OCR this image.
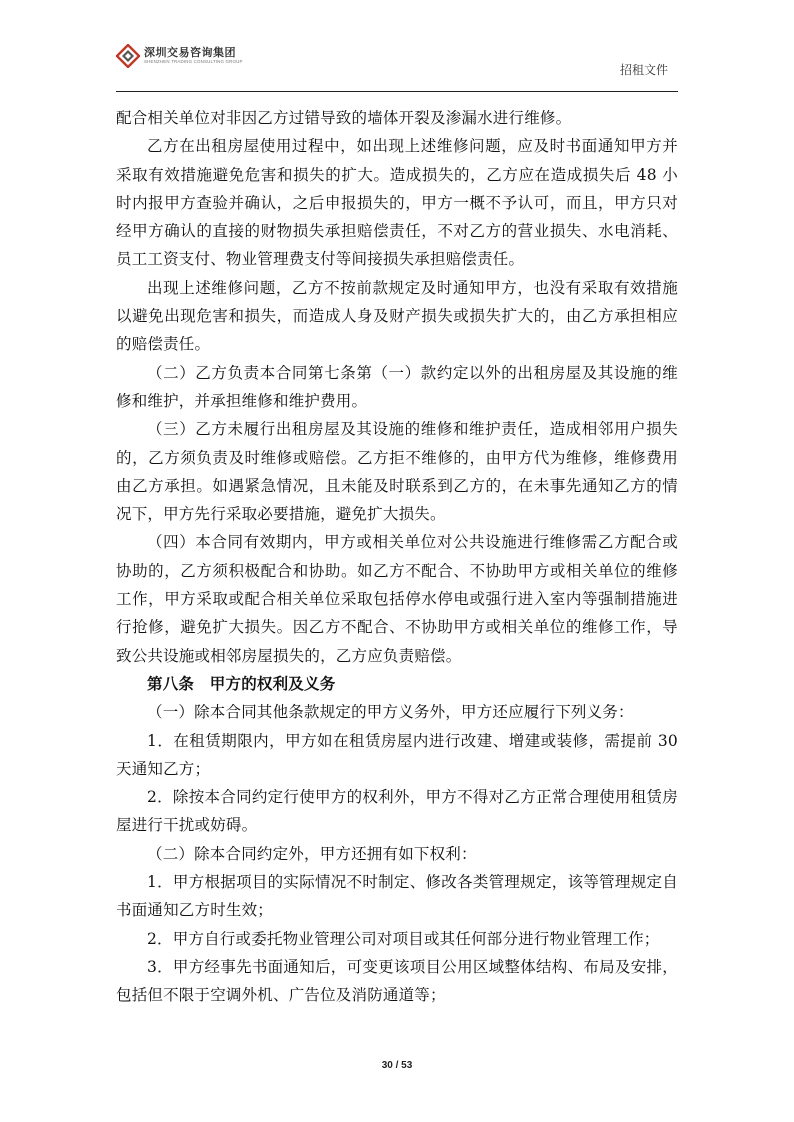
深圳交易咨询集团
SHENZHEN TRADING CONSULTING GROUP
招租文件

配合相关单位对非因乙方过错导致的墙体开裂及渗漏水进行维修。

乙方在出租房屋使用过程中，如出现上述维修问题，应及时书面通知甲方并采取有效措施避免危害和损失的扩大。造成损失的，乙方应在造成损失后 48 小时内报甲方查验并确认，之后申报损失的，甲方一概不予认可，而且，甲方只对经甲方确认的直接的财物损失承担赔偿责任，不对乙方的营业损失、水电消耗、员工工资支付、物业管理费支付等间接损失承担赔偿责任。

出现上述维修问题，乙方不按前款规定及时通知甲方，也没有采取有效措施以避免出现危害和损失，而造成人身及财产损失或损失扩大的，由乙方承担相应的赔偿责任。

（二）乙方负责本合同第七条第（一）款约定以外的出租房屋及其设施的维修和维护，并承担维修和维护费用。

（三）乙方未履行出租房屋及其设施的维修和维护责任，造成相邻用户损失的，乙方须负责及时维修或赔偿。乙方拒不维修的，由甲方代为维修，维修费用由乙方承担。如遇紧急情况，且未能及时联系到乙方的，在未事先通知乙方的情况下，甲方先行采取必要措施，避免扩大损失。

（四）本合同有效期内，甲方或相关单位对公共设施进行维修需乙方配合或协助的，乙方须积极配合和协助。如乙方不配合、不协助甲方或相关单位的维修工作，甲方采取或配合相关单位采取包括停水停电或强行进入室内等强制措施进行抢修，避免扩大损失。因乙方不配合、不协助甲方或相关单位的维修工作，导致公共设施或相邻房屋损失的，乙方应负责赔偿。

第八条　甲方的权利及义务

（一）除本合同其他条款规定的甲方义务外，甲方还应履行下列义务：

1．在租赁期限内，甲方如在租赁房屋内进行改建、增建或装修，需提前 30 天通知乙方；

2．除按本合同约定行使甲方的权利外，甲方不得对乙方正常合理使用租赁房屋进行干扰或妨碍。

（二）除本合同约定外，甲方还拥有如下权利：

1．甲方根据项目的实际情况不时制定、修改各类管理规定，该等管理规定自书面通知乙方时生效；

2．甲方自行或委托物业管理公司对项目或其任何部分进行物业管理工作；

3．甲方经事先书面通知后，可变更该项目公用区域整体结构、布局及安排，包括但不限于空调外机、广告位及消防通道等；

30 / 53
